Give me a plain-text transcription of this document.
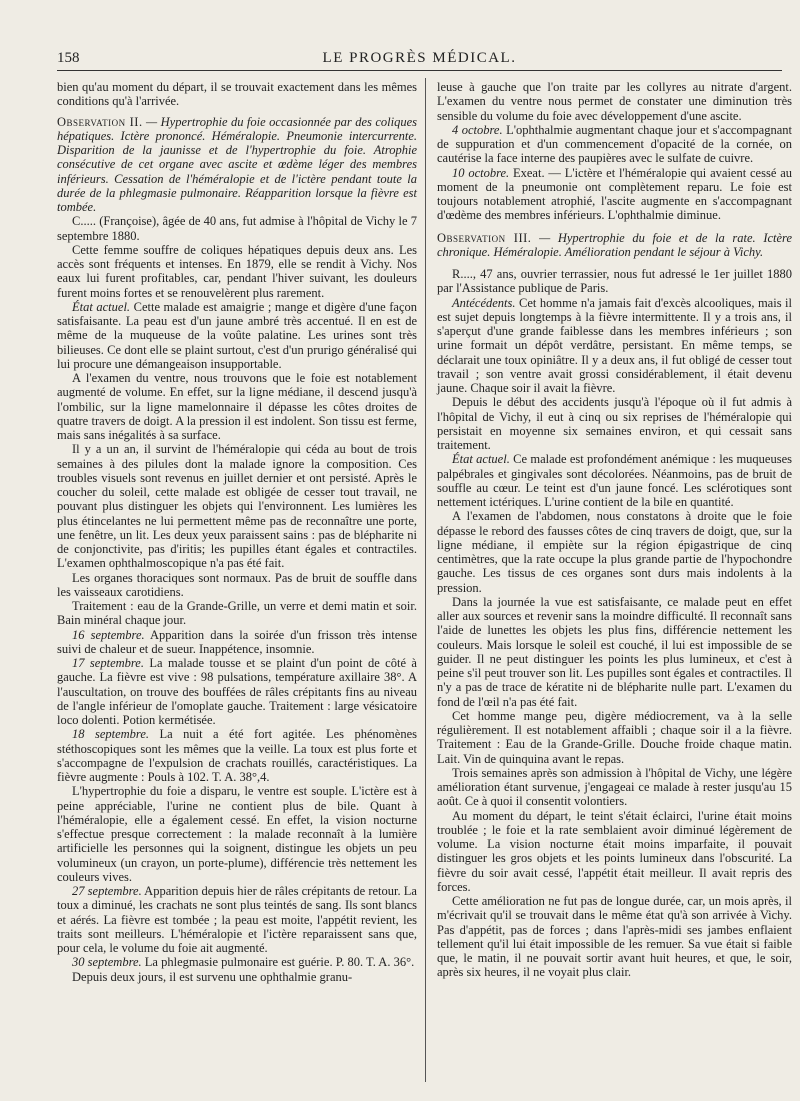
158	LE PROGRÈS MÉDICAL.

bien qu'au moment du départ, il se trouvait exactement dans les mêmes conditions qu'à l'arrivée.

Observation II. — Hypertrophie du foie occasionnée par des coliques hépatiques. Ictère prononcé. Héméralopie. Pneumonie intercurrente. Disparition de la jaunisse et de l'hypertrophie du foie. Atrophie consécutive de cet organe avec ascite et œdème léger des membres inférieurs. Cessation de l'héméralopie et de l'ictère pendant toute la durée de la phlegmasie pulmonaire. Réapparition lorsque la fièvre est tombée.

C..... (Françoise), âgée de 40 ans, fut admise à l'hôpital de Vichy le 7 septembre 1880.

Cette femme souffre de coliques hépatiques depuis deux ans. Les accès sont fréquents et intenses. En 1879, elle se rendit à Vichy. Nos eaux lui furent profitables, car, pendant l'hiver suivant, les douleurs furent moins fortes et se renouvelèrent plus rarement.

État actuel. Cette malade est amaigrie ; mange et digère d'une façon satisfaisante. La peau est d'un jaune ambré très accentué. Il en est de même de la muqueuse de la voûte palatine. Les urines sont très bilieuses. Ce dont elle se plaint surtout, c'est d'un prurigo généralisé qui lui procure une démangeaison insupportable.

A l'examen du ventre, nous trouvons que le foie est notablement augmenté de volume. En effet, sur la ligne médiane, il descend jusqu'à l'ombilic, sur la ligne mamelonnaire il dépasse les côtes droites de quatre travers de doigt. A la pression il est indolent. Son tissu est ferme, mais sans inégalités à sa surface.

Il y a un an, il survint de l'héméralopie qui céda au bout de trois semaines à des pilules dont la malade ignore la composition. Ces troubles visuels sont revenus en juillet dernier et ont persisté. Après le coucher du soleil, cette malade est obligée de cesser tout travail, ne pouvant plus distinguer les objets qui l'environnent. Les lumières les plus étincelantes ne lui permettent même pas de reconnaître une porte, une fenêtre, un lit. Les deux yeux paraissent sains : pas de blépharite ni de conjonctivite, pas d'iritis; les pupilles étant égales et contractiles. L'examen ophthalmoscopique n'a pas été fait.

Les organes thoraciques sont normaux. Pas de bruit de souffle dans les vaisseaux carotidiens.

Traitement : eau de la Grande-Grille, un verre et demi matin et soir. Bain minéral chaque jour.

16 septembre. Apparition dans la soirée d'un frisson très intense suivi de chaleur et de sueur. Inappétence, insomnie.

17 septembre. La malade tousse et se plaint d'un point de côté à gauche. La fièvre est vive : 98 pulsations, température axillaire 38°. A l'auscultation, on trouve des bouffées de râles crépitants fins au niveau de l'angle inférieur de l'omoplate gauche. Traitement : large vésicatoire loco dolenti. Potion kermétisée.

18 septembre. La nuit a été fort agitée. Les phénomènes stéthoscopiques sont les mêmes que la veille. La toux est plus forte et s'accompagne de l'expulsion de crachats rouillés, caractéristiques. La fièvre augmente : Pouls à 102. T. A. 38°,4.

L'hypertrophie du foie a disparu, le ventre est souple. L'ictère est à peine appréciable, l'urine ne contient plus de bile. Quant à l'héméralopie, elle a également cessé. En effet, la vision nocturne s'effectue presque correctement : la malade reconnaît à la lumière artificielle les personnes qui la soignent, distingue les objets un peu volumineux (un crayon, un porte-plume), différencie très nettement les couleurs vives.

27 septembre. Apparition depuis hier de râles crépitants de retour. La toux a diminué, les crachats ne sont plus teintés de sang. Ils sont blancs et aérés. La fièvre est tombée ; la peau est moite, l'appétit revient, les traits sont meilleurs. L'héméralopie et l'ictère reparaissent sans que, pour cela, le volume du foie ait augmenté.

30 septembre. La phlegmasie pulmonaire est guérie. P. 80. T. A. 36°.

Depuis deux jours, il est survenu une ophthalmie granu-

leuse à gauche que l'on traite par les collyres au nitrate d'argent. L'examen du ventre nous permet de constater une diminution très sensible du volume du foie avec développement d'une ascite.

4 octobre. L'ophthalmie augmentant chaque jour et s'accompagnant de suppuration et d'un commencement d'opacité de la cornée, on cautérise la face interne des paupières avec le sulfate de cuivre.

10 octobre. Exeat. — L'ictère et l'héméralopie qui avaient cessé au moment de la pneumonie ont complètement reparu. Le foie est toujours notablement atrophié, l'ascite augmente en s'accompagnant d'œdème des membres inférieurs. L'ophthalmie diminue.

Observation III. — Hypertrophie du foie et de la rate. Ictère chronique. Héméralopie. Amélioration pendant le séjour à Vichy.

R...., 47 ans, ouvrier terrassier, nous fut adressé le 1er juillet 1880 par l'Assistance publique de Paris.

Antécédents. Cet homme n'a jamais fait d'excès alcooliques, mais il est sujet depuis longtemps à la fièvre intermittente. Il y a trois ans, il s'aperçut d'une grande faiblesse dans les membres inférieurs ; son urine formait un dépôt verdâtre, persistant. En même temps, se déclarait une toux opiniâtre. Il y a deux ans, il fut obligé de cesser tout travail ; son ventre avait grossi considérablement, il était devenu jaune. Chaque soir il avait la fièvre.

Depuis le début des accidents jusqu'à l'époque où il fut admis à l'hôpital de Vichy, il eut à cinq ou six reprises de l'héméralopie qui persistait en moyenne six semaines environ, et qui cessait sans traitement.

État actuel. Ce malade est profondément anémique : les muqueuses palpébrales et gingivales sont décolorées. Néanmoins, pas de bruit de souffle au cœur. Le teint est d'un jaune foncé. Les sclérotiques sont nettement ictériques. L'urine contient de la bile en quantité.

A l'examen de l'abdomen, nous constatons à droite que le foie dépasse le rebord des fausses côtes de cinq travers de doigt, que, sur la ligne médiane, il empiète sur la région épigastrique de cinq centimètres, que la rate occupe la plus grande partie de l'hypochondre gauche. Les tissus de ces organes sont durs mais indolents à la pression.

Dans la journée la vue est satisfaisante, ce malade peut en effet aller aux sources et revenir sans la moindre difficulté. Il reconnaît sans l'aide de lunettes les objets les plus fins, différencie nettement les couleurs. Mais lorsque le soleil est couché, il lui est impossible de se guider. Il ne peut distinguer les points les plus lumineux, et c'est à peine s'il peut trouver son lit. Les pupilles sont égales et contractiles. Il n'y a pas de trace de kératite ni de blépharite nulle part. L'examen du fond de l'œil n'a pas été fait.

Cet homme mange peu, digère médiocrement, va à la selle régulièrement. Il est notablement affaibli ; chaque soir il a la fièvre. Traitement : Eau de la Grande-Grille. Douche froide chaque matin. Lait. Vin de quinquina avant le repas.

Trois semaines après son admission à l'hôpital de Vichy, une légère amélioration étant survenue, j'engageai ce malade à rester jusqu'au 15 août. Ce à quoi il consentit volontiers.

Au moment du départ, le teint s'était éclairci, l'urine était moins troublée ; le foie et la rate semblaient avoir diminué légèrement de volume. La vision nocturne était moins imparfaite, il pouvait distinguer les gros objets et les points lumineux dans l'obscurité. La fièvre du soir avait cessé, l'appétit était meilleur. Il avait repris des forces.

Cette amélioration ne fut pas de longue durée, car, un mois après, il m'écrivait qu'il se trouvait dans le même état qu'à son arrivée à Vichy. Pas d'appétit, pas de forces ; dans l'après-midi ses jambes enflaient tellement qu'il lui était impossible de les remuer. Sa vue était si faible que, le matin, il ne pouvait sortir avant huit heures, et que, le soir, après six heures, il ne voyait plus clair.
